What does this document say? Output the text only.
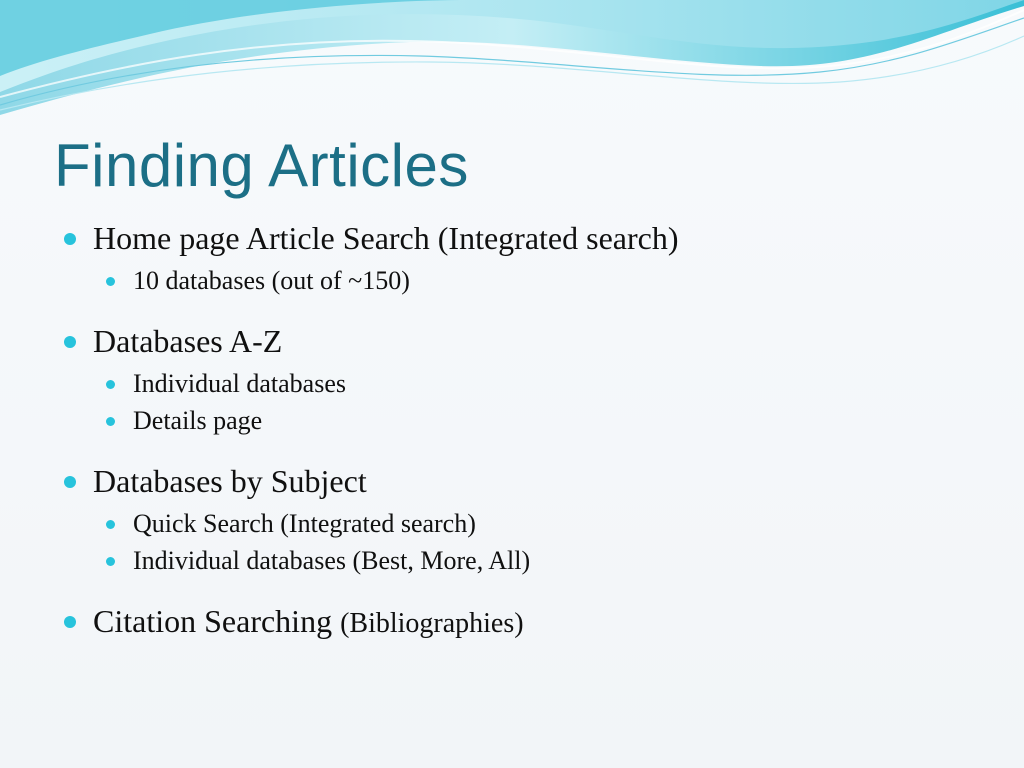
Finding Articles
Home page Article Search (Integrated search)
10 databases (out of ~150)
Databases A-Z
Individual databases
Details page
Databases by Subject
Quick Search (Integrated search)
Individual databases (Best, More, All)
Citation Searching (Bibliographies)
